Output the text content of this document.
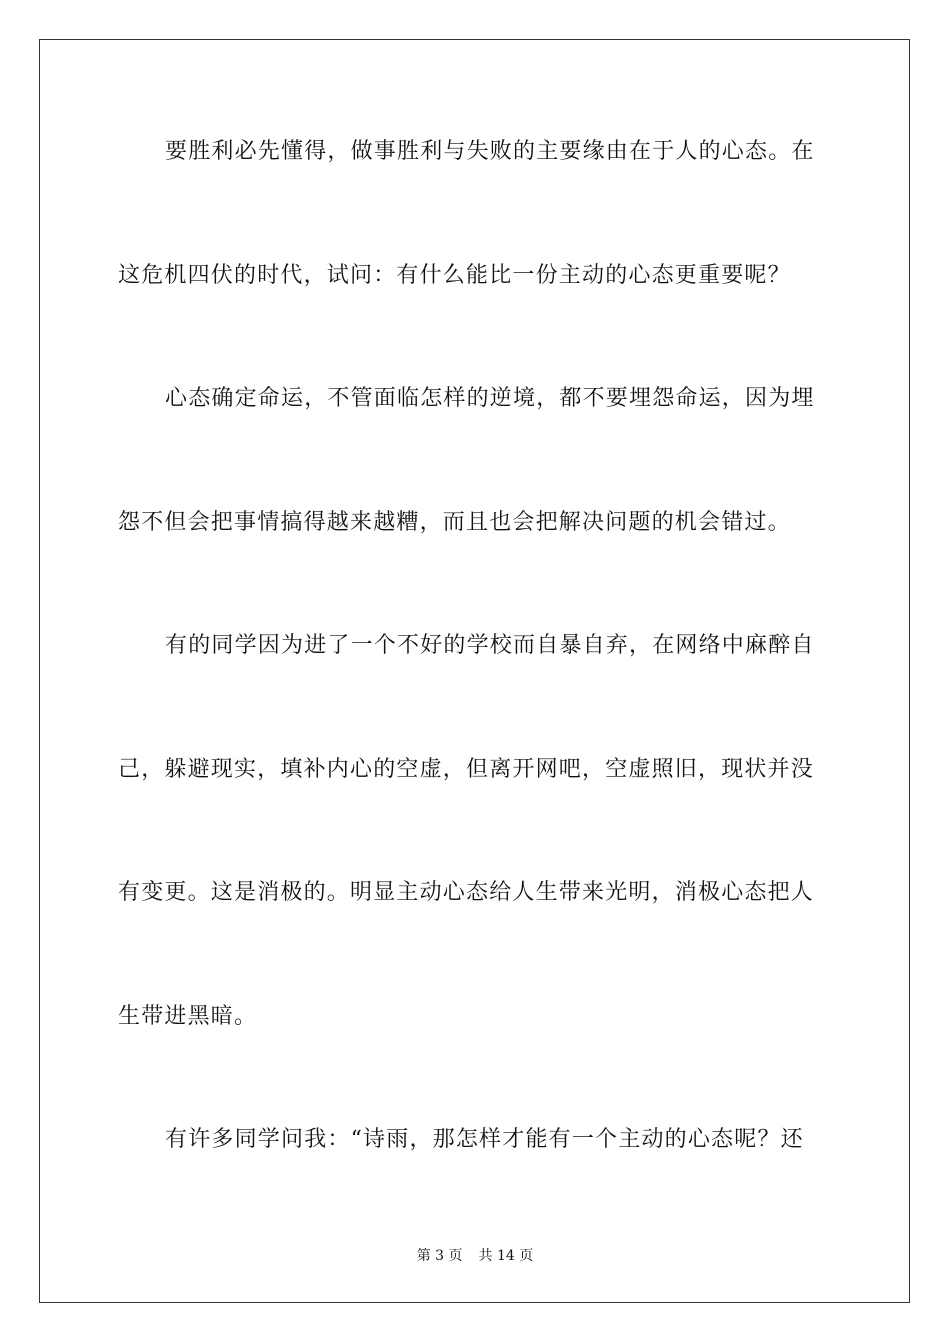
要胜利必先懂得，做事胜利与失败的主要缘由在于人的心态。在
这危机四伏的时代，试问：有什么能比一份主动的心态更重要呢？
心态确定命运，不管面临怎样的逆境，都不要埋怨命运，因为埋
怨不但会把事情搞得越来越糟，而且也会把解决问题的机会错过。
有的同学因为进了一个不好的学校而自暴自弃，在网络中麻醉自
己，躲避现实，填补内心的空虚，但离开网吧，空虚照旧，现状并没
有变更。这是消极的。明显主动心态给人生带来光明，消极心态把人
生带进黑暗。
有许多同学问我：“诗雨，那怎样才能有一个主动的心态呢？还
第 3 页 共 14 页
